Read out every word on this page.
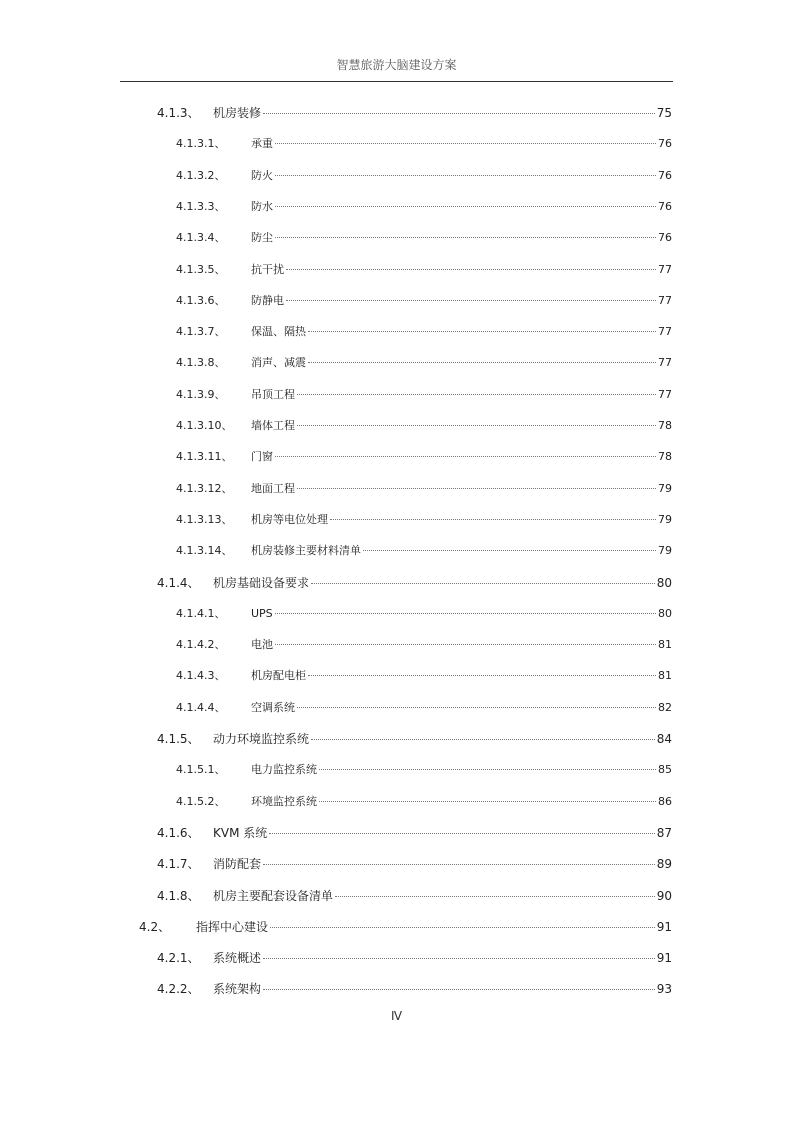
智慧旅游大脑建设方案
4.1.3、	机房装修	75
4.1.3.1、	承重	76
4.1.3.2、	防火	76
4.1.3.3、	防水	76
4.1.3.4、	防尘	76
4.1.3.5、	抗干扰	77
4.1.3.6、	防静电	77
4.1.3.7、	保温、隔热	77
4.1.3.8、	消声、减震	77
4.1.3.9、	吊顶工程	77
4.1.3.10、	墙体工程	78
4.1.3.11、	门窗	78
4.1.3.12、	地面工程	79
4.1.3.13、	机房等电位处理	79
4.1.3.14、	机房装修主要材料清单	79
4.1.4、	机房基础设备要求	80
4.1.4.1、	UPS	80
4.1.4.2、	电池	81
4.1.4.3、	机房配电柜	81
4.1.4.4、	空调系统	82
4.1.5、	动力环境监控系统	84
4.1.5.1、	电力监控系统	85
4.1.5.2、	环境监控系统	86
4.1.6、	KVM 系统	87
4.1.7、	消防配套	89
4.1.8、	机房主要配套设备清单	90
4.2、	指挥中心建设	91
4.2.1、	系统概述	91
4.2.2、	系统架构	93
Ⅳ
